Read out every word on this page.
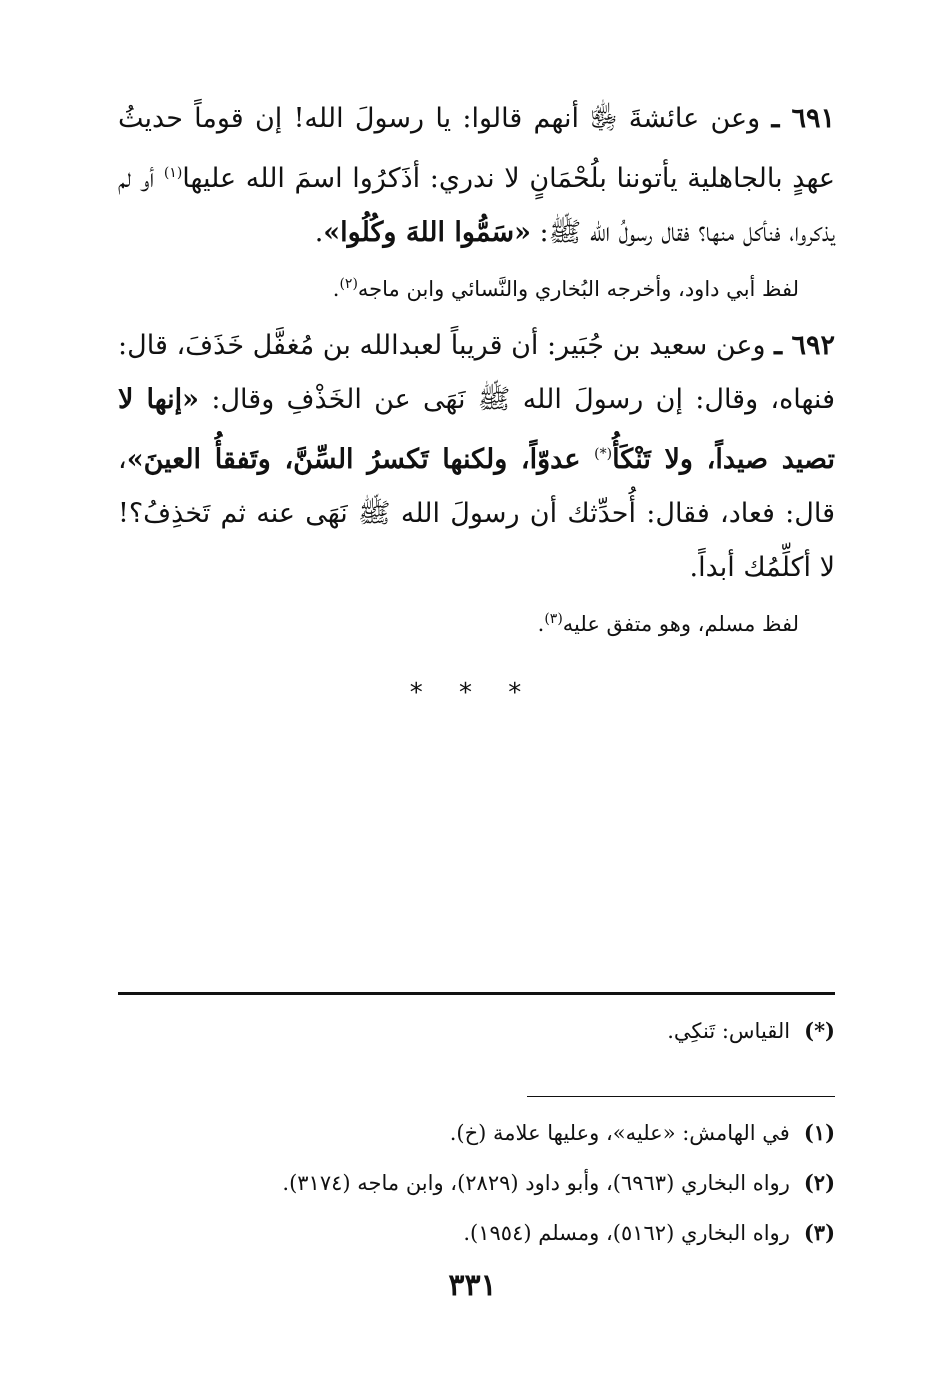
٦٩١ ـ وعن عائشةَ ﵂ أنهم قالوا: يا رسولَ الله! إن قوماً حديثُ عهدٍ بالجاهلية يأتوننا بلُحْمَانٍ لا ندري: أذَكرُوا اسمَ الله عليها$^{(١)}$ أو لم يذكروا، فنأكل منها؟ فقال رسولُ الله ﷺ: «سَمُّوا اللهَ وكُلُوا».

لفظ أبي داود، وأخرجه البُخاري والنَّسائي وابن ماجه$^{(٢)}$.

٦٩٢ ـ وعن سعيد بن جُبَير: أن قريباً لعبدالله بن مُغفَّل خَذَفَ، قال: فنهاه، وقال: إن رسولَ الله ﷺ نَهَى عن الخَذْفِ وقال: «إنها لا تصيد صيداً، ولا تَنْكَأُ(*) عدوّاً، ولكنها تَكسرُ السِّنَّ، وتَفقأُ العينَ»، قال: فعاد، فقال: أُحدِّثك أن رسولَ الله ﷺ نَهَى عنه ثم تَخذِفُ؟! لا أكلِّمُك أبداً.

لفظ مسلم، وهو متفق عليه$^{(٣)}$.

* * *
(*)القياس: تَنكِي.

(١)في الهامش: «عليه»، وعليها علامة (خ).

(٢)رواه البخاري (٦٩٦٣)، وأبو داود (٢٨٢٩)، وابن ماجه (٣١٧٤).

(٣)رواه البخاري (٥١٦٢)، ومسلم (١٩٥٤).

٣٣١
